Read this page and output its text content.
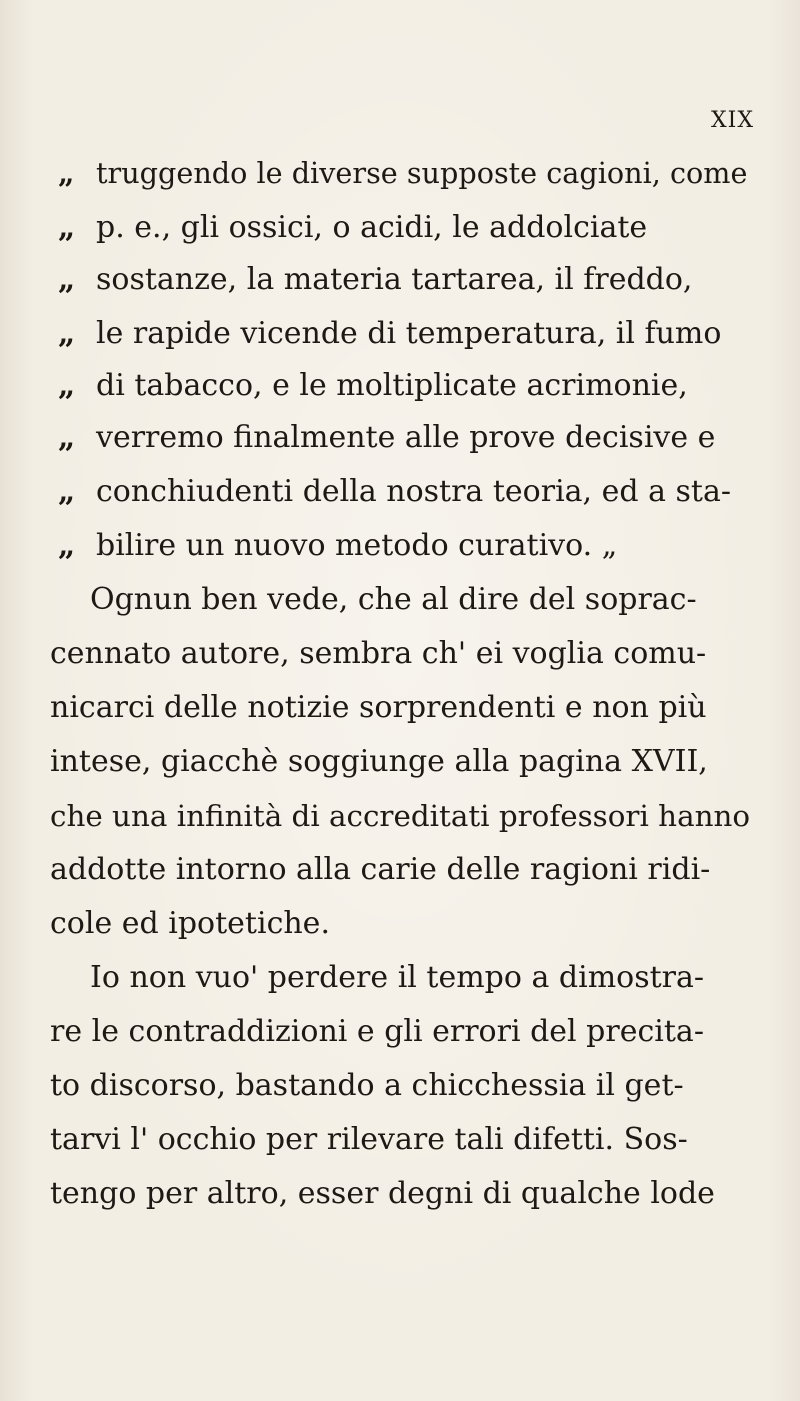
XIX
„ truggendo le diverse supposte cagioni, come
„ p. e., gli ossici, o acidi, le addolciate
„ sostanze, la materia tartarea, il freddo,
„ le rapide vicende di temperatura, il fumo
„ di tabacco, e le moltiplicate acrimonie,
„ verremo finalmente alle prove decisive e
„ conchiudenti della nostra teoria, ed a sta-
„ bilire un nuovo metodo curativo. „
Ognun ben vede, che al dire del soprac-
cennato autore, sembra ch' ei voglia comu-
nicarci delle notizie sorprendenti e non più
intese, giacchè soggiunge alla pagina XVII,
che una infinità di accreditati professori hanno
addotte intorno alla carie delle ragioni ridi-
cole ed ipotetiche.
Io non vuo' perdere il tempo a dimostra-
re le contraddizioni e gli errori del precita-
to discorso, bastando a chicchessia il get-
tarvi l' occhio per rilevare tali difetti. Sos-
tengo per altro, esser degni di qualche lode
